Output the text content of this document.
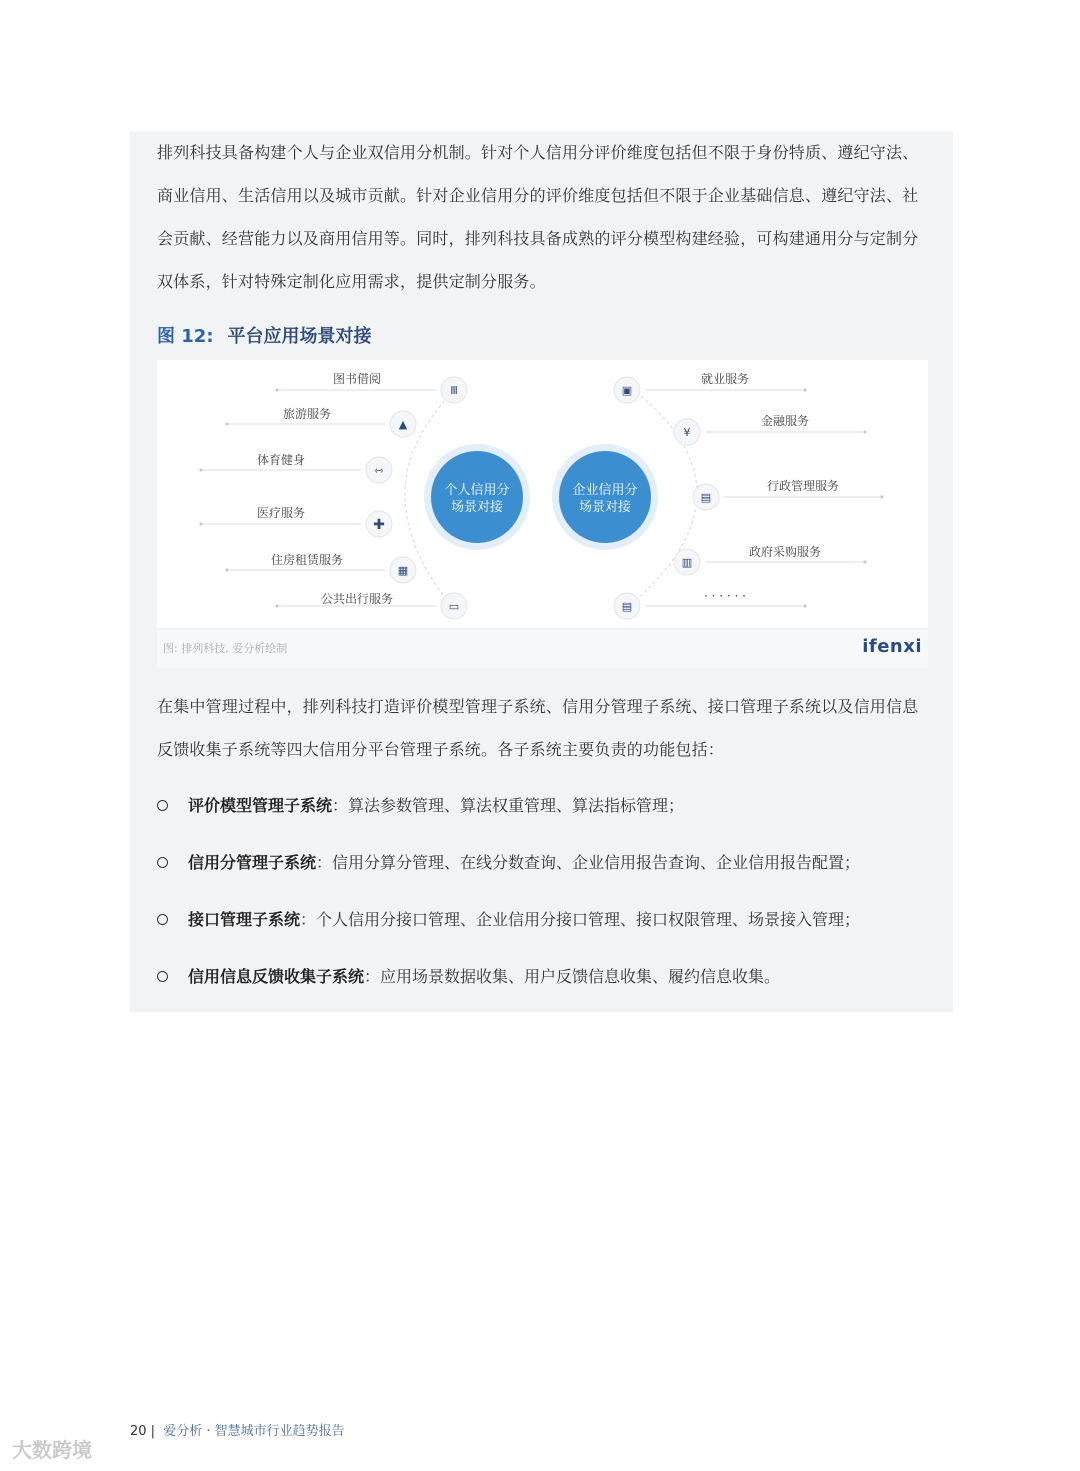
排列科技具备构建个人与企业双信用分机制。针对个人信用分评价维度包括但不限于身份特质、遵纪守法、
商业信用、生活信用以及城市贡献。针对企业信用分的评价维度包括但不限于企业基础信息、遵纪守法、社
会贡献、经营能力以及商用信用等。同时，排列科技具备成熟的评分模型构建经验，可构建通用分与定制分
双体系，针对特殊定制化应用需求，提供定制分服务。
图 12: 平台应用场景对接
个人信用分
场景对接
企业信用分
场景对接
图书借阅
Ⅲ
旅游服务
▲
体育健身
⇿
医疗服务
✚
住房租赁服务
▦
公共出行服务
▭
▣
就业服务
¥
金融服务
▤
行政管理服务
▥
政府采购服务
▤
· · · · · ·
图: 排列科技, 爱分析绘制	ifenxi
在集中管理过程中，排列科技打造评价模型管理子系统、信用分管理子系统、接口管理子系统以及信用信息
反馈收集子系统等四大信用分平台管理子系统。各子系统主要负责的功能包括：
评价模型管理子系统：算法参数管理、算法权重管理、算法指标管理；
信用分管理子系统：信用分算分管理、在线分数查询、企业信用报告查询、企业信用报告配置；
接口管理子系统：个人信用分接口管理、企业信用分接口管理、接口权限管理、场景接入管理；
信用信息反馈收集子系统：应用场景数据收集、用户反馈信息收集、履约信息收集。
20 | 爱分析 · 智慧城市行业趋势报告
大数跨境
